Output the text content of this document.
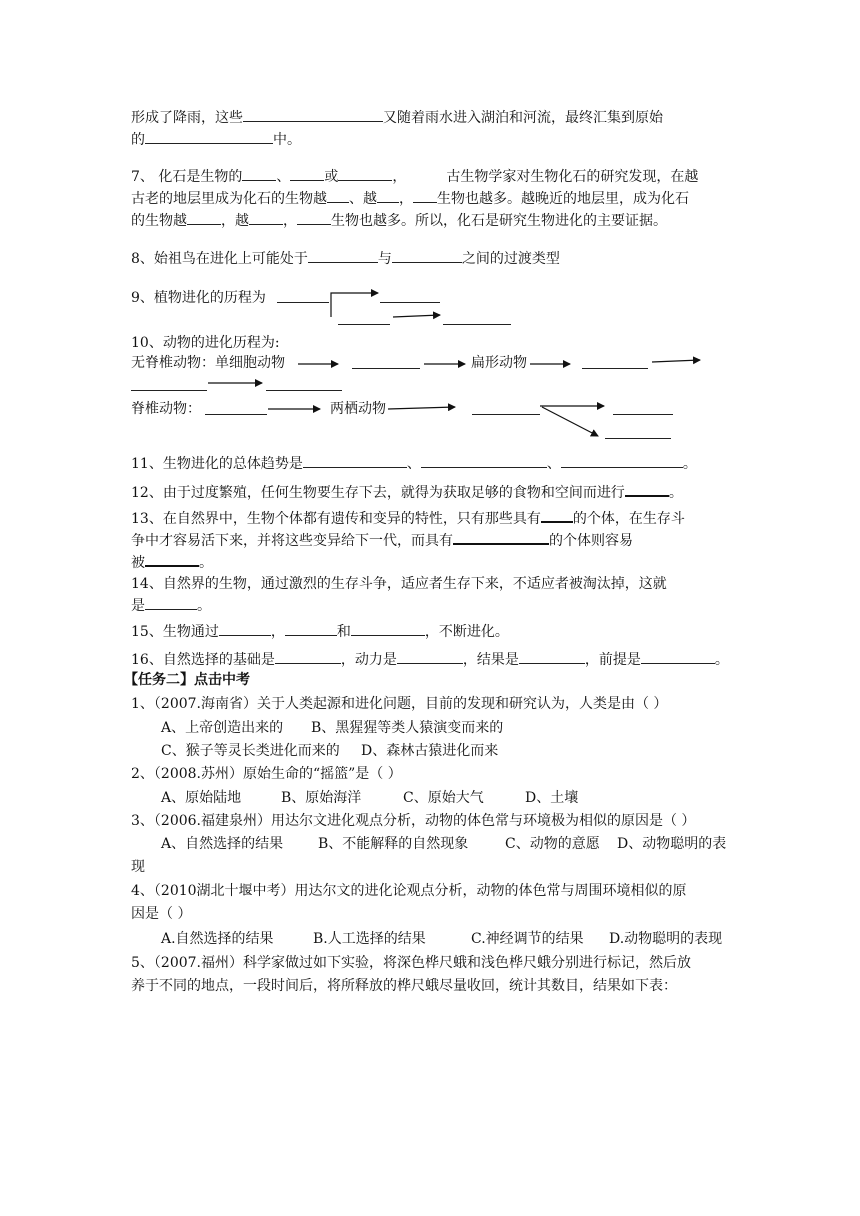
形成了降雨，这些	又随着雨水进入湖泊和河流，最终汇集到原始
的	中。
7、 化石是生物的 、 或	，	古生物学家对生物化石的研究发现，在越
古老的地层里成为化石的生物越 、越 ， 生物也越多。越晚近的地层里，成为化石
的生物越 ，越 ， 生物也越多。所以，化石是研究生物进化的主要证据。
8、始祖鸟在进化上可能处于	与	之间的过渡类型
9、植物进化的历程为
10、动物的进化历程为:
无脊椎动物：单细胞动物	扁形动物
脊椎动物：	两栖动物
11、生物进化的总体趋势是	、	、	。
12、由于过度繁殖，任何生物要生存下去，就得为获取足够的食物和空间而进行	。
13、在自然界中，生物个体都有遗传和变异的特性，只有那些具有 的个体，在生存斗
争中才容易活下来，并将这些变异给下一代，而具有	的个体则容易
被	。
14、自然界的生物，通过激烈的生存斗争，适应者生存下来，不适应者被淘汰掉，这就
是	。
15、生物通过	，	和	，不断进化。
16、自然选择的基础是	，动力是	，结果是	，前提是	。
【任务二】点击中考
1、（2007.海南省）关于人类起源和进化问题，目前的发现和研究认为，人类是由（ ）
A、上帝创造出来的 B、黑猩猩等类人猿演变而来的
C、猴子等灵长类进化而来的 D、森林古猿进化而来
2、（2008.苏州）原始生命的“摇篮”是（ ）
A、原始陆地	B、原始海洋	C、原始大气	D、土壤
3、（2006.福建泉州）用达尔文进化观点分析，动物的体色常与环境极为相似的原因是（ ）
A、自然选择的结果 B、不能解释的自然现象	C、动物的意愿 D、动物聪明的表
现
4、（2010湖北十堰中考）用达尔文的进化论观点分析，动物的体色常与周围环境相似的原
因是（ ）
A.自然选择的结果	B.人工选择的结果	C.神经调节的结果 D.动物聪明的表现
5、（2007.福州）科学家做过如下实验，将深色桦尺蛾和浅色桦尺蛾分别进行标记，然后放
养于不同的地点，一段时间后，将所释放的桦尺蛾尽量收回，统计其数目，结果如下表：
